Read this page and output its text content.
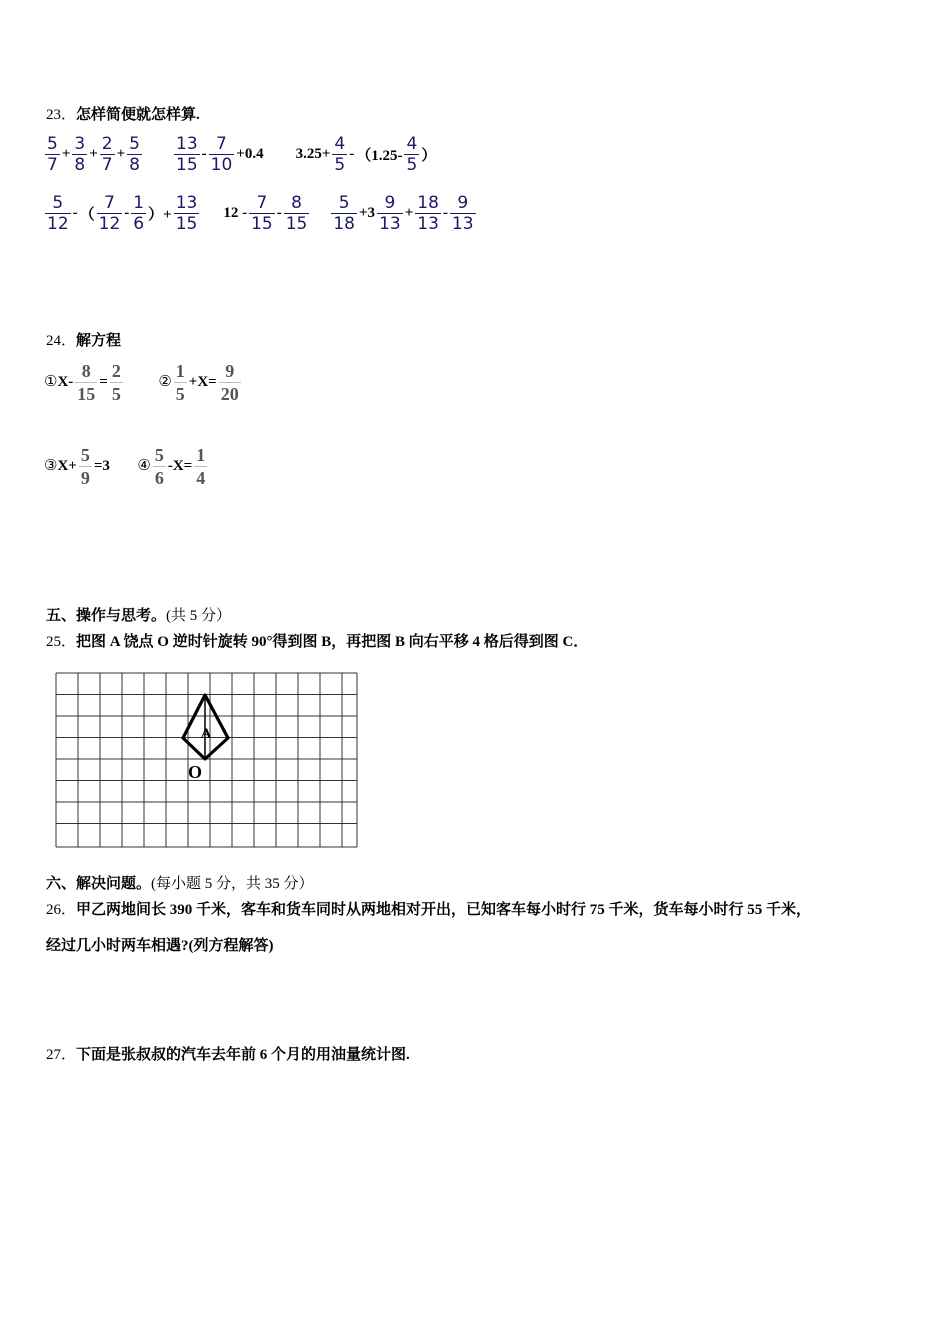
23．怎样简便就怎样算.
$\frac{5}{7} + \frac{3}{8} + \frac{2}{7} + \frac{5}{8}$
$\frac{13}{15} - \frac{7}{10} +0.4$ $3.25+ \frac{4}{5} - (1.25- \frac{4}{5}$ ）
$\frac{5}{12}$ - （ $\frac{7}{12} - \frac{1}{6}$ ）+ $\frac{13}{15} 12 - \frac{7}{15} - \frac{8}{15}$
$\frac{5}{18} +3 \frac{9}{13} + \frac{18}{13} - \frac{9}{13}$
24．解方程
①X- $\frac{8}{15} = \frac{2}{5}$ ② $\frac{1}{5} +X= \frac{9}{20}$
③X+ $\frac{5}{9} =3$ ④ $\frac{5}{6} -X= \frac{1}{4}$
五、操作与思考。(共 5 分）
25．把图 A 饶点 O 逆时针旋转 90°得到图 B，再把图 B 向右平移 4 格后得到图 C．
A
O
六、解决问题。(每小题 5 分，共 35 分）
26．甲乙两地间长 390 千米，客车和货车同时从两地相对开出，已知客车每小时行 75 千米，货车每小时行 55 千米，
经过几小时两车相遇?(列方程解答)
27．下面是张叔叔的汽车去年前 6 个月的用油量统计图.
